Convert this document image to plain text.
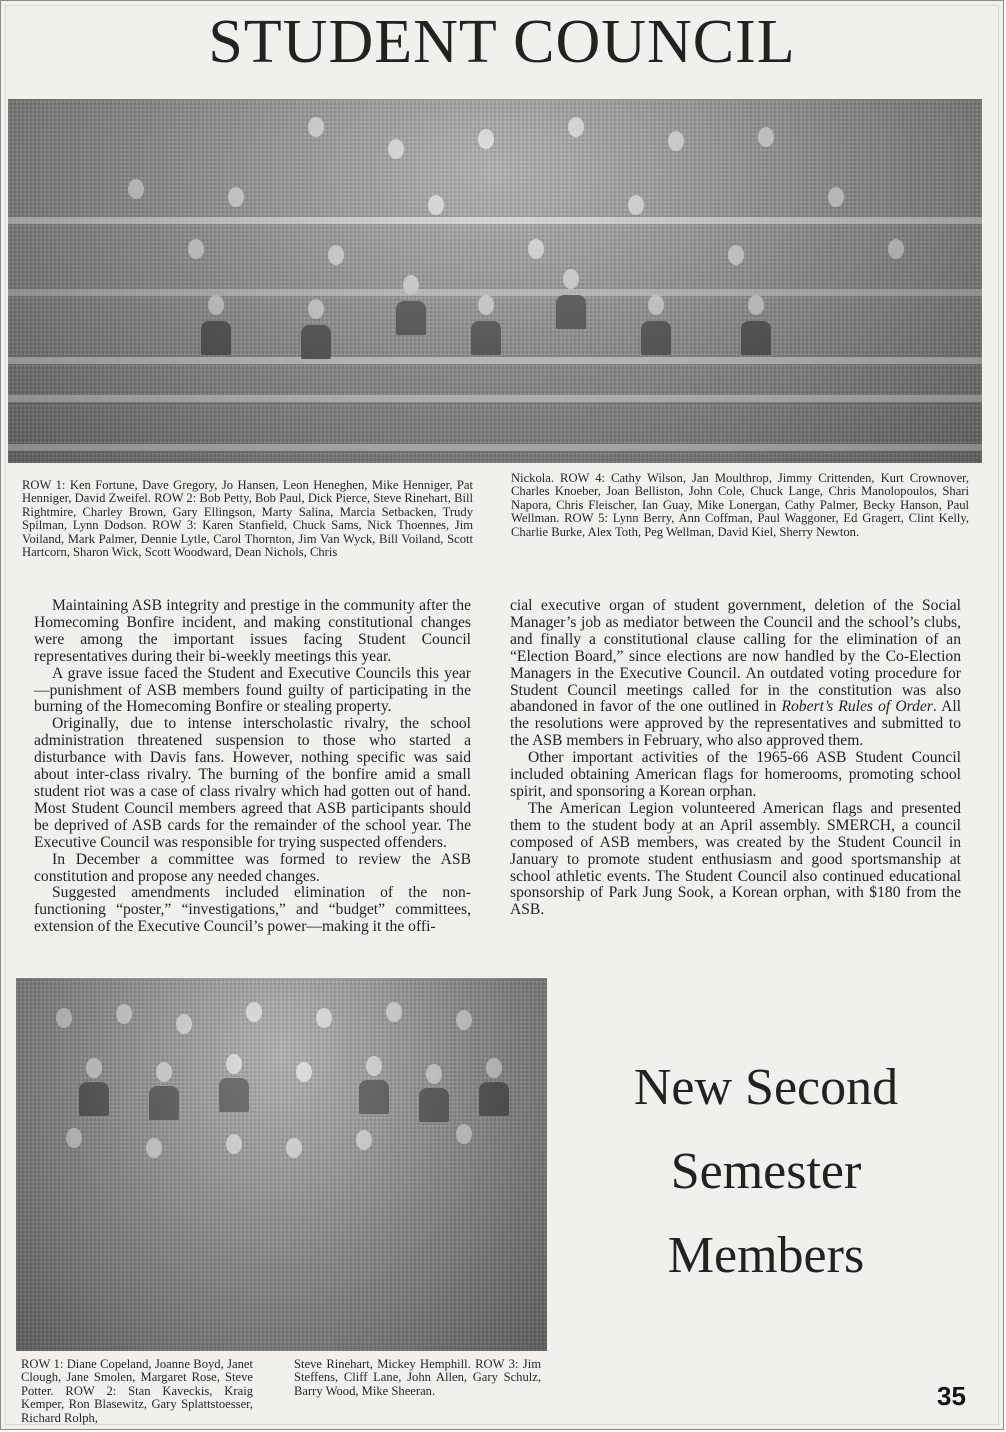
STUDENT COUNCIL
ROW 1: Ken Fortune, Dave Gregory, Jo Hansen, Leon Heneghen, Mike Henniger, Pat Henniger, David Zweifel. ROW 2: Bob Petty, Bob Paul, Dick Pierce, Steve Rinehart, Bill Rightmire, Charley Brown, Gary Ellingson, Marty Salina, Marcia Setbacken, Trudy Spilman, Lynn Dodson. ROW 3: Karen Stanfield, Chuck Sams, Nick Thoennes, Jim Voiland, Mark Palmer, Dennie Lytle, Carol Thornton, Jim Van Wyck, Bill Voiland, Scott Hartcorn, Sharon Wick, Scott Woodward, Dean Nichols, Chris
Nickola. ROW 4: Cathy Wilson, Jan Moulthrop, Jimmy Crittenden, Kurt Crownover, Charles Knoeber, Joan Belliston, John Cole, Chuck Lange, Chris Manolopoulos, Shari Napora, Chris Fleischer, Ian Guay, Mike Lonergan, Cathy Palmer, Becky Hanson, Paul Wellman. ROW 5: Lynn Berry, Ann Coffman, Paul Waggoner, Ed Gragert, Clint Kelly, Charlie Burke, Alex Toth, Peg Wellman, David Kiel, Sherry Newton.

Maintaining ASB integrity and prestige in the community after the Homecoming Bonfire incident, and making constitutional changes were among the important issues facing Student Council representatives during their bi-weekly meetings this year.

A grave issue faced the Student and Executive Councils this year—punishment of ASB members found guilty of participating in the burning of the Homecoming Bonfire or stealing property.

Originally, due to intense interscholastic rivalry, the school administration threatened suspension to those who started a disturbance with Davis fans. However, nothing specific was said about inter-class rivalry. The burning of the bonfire amid a small student riot was a case of class rivalry which had gotten out of hand. Most Student Council members agreed that ASB participants should be deprived of ASB cards for the remainder of the school year. The Executive Council was responsible for trying suspected offenders.

In December a committee was formed to review the ASB constitution and propose any needed changes.

Suggested amendments included elimination of the non-functioning “poster,” “investigations,” and “budget” committees, extension of the Executive Council’s power—making it the offi-

cial executive organ of student government, deletion of the Social Manager’s job as mediator between the Council and the school’s clubs, and finally a constitutional clause calling for the elimination of an “Election Board,” since elections are now handled by the Co-Election Managers in the Executive Council. An outdated voting procedure for Student Council meetings called for in the constitution was also abandoned in favor of the one outlined in Robert’s Rules of Order. All the resolutions were approved by the representatives and submitted to the ASB members in February, who also approved them.

Other important activities of the 1965-66 ASB Student Council included obtaining American flags for homerooms, promoting school spirit, and sponsoring a Korean orphan.

The American Legion volunteered American flags and presented them to the student body at an April assembly. SMERCH, a council composed of ASB members, was created by the Student Council in January to promote student enthusiasm and good sportsmanship at school athletic events. The Student Council also continued educational sponsorship of Park Jung Sook, a Korean orphan, with $180 from the ASB.

ROW 1: Diane Copeland, Joanne Boyd, Janet Clough, Jane Smolen, Margaret Rose, Steve Potter. ROW 2: Stan Kaveckis, Kraig Kemper, Ron Blasewitz, Gary Splattstoesser, Richard Rolph,
Steve Rinehart, Mickey Hemphill. ROW 3: Jim Steffens, Cliff Lane, John Allen, Gary Schulz, Barry Wood, Mike Sheeran.
New Second
Semester
Members
35
